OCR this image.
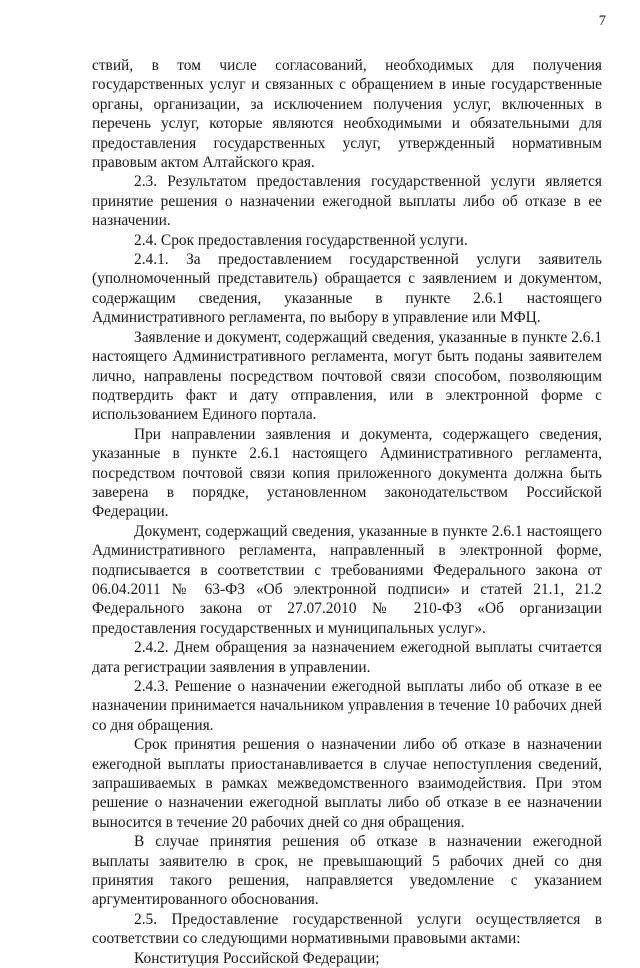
7

ствий, в том числе согласований, необходимых для получения государственных услуг и связанных с обращением в иные государственные органы, организации, за исключением получения услуг, включенных в перечень услуг, которые являются необходимыми и обязательными для предоставления государственных услуг, утвержденный нормативным правовым актом Алтайского края.

2.3. Результатом предоставления государственной услуги является принятие решения о назначении ежегодной выплаты либо об отказе в ее назначении.

2.4. Срок предоставления государственной услуги.

2.4.1. За предоставлением государственной услуги заявитель (уполномоченный представитель) обращается с заявлением и документом, содержащим сведения, указанные в пункте 2.6.1 настоящего Административного регламента, по выбору в управление или МФЦ.

Заявление и документ, содержащий сведения, указанные в пункте 2.6.1 настоящего Административного регламента, могут быть поданы заявителем лично, направлены посредством почтовой связи способом, позволяющим подтвердить факт и дату отправления, или в электронной форме с использованием Единого портала.

При направлении заявления и документа, содержащего сведения, указанные в пункте 2.6.1 настоящего Административного регламента, посредством почтовой связи копия приложенного документа должна быть заверена в порядке, установленном законодательством Российской Федерации.

Документ, содержащий сведения, указанные в пункте 2.6.1 настоящего Административного регламента, направленный в электронной форме, подписывается в соответствии с требованиями Федерального закона от 06.04.2011 № 63-ФЗ «Об электронной подписи» и статей 21.1, 21.2 Федерального закона от 27.07.2010 № 210-ФЗ «Об организации предоставления государственных и муниципальных услуг».

2.4.2. Днем обращения за назначением ежегодной выплаты считается дата регистрации заявления в управлении.

2.4.3. Решение о назначении ежегодной выплаты либо об отказе в ее назначении принимается начальником управления в течение 10 рабочих дней со дня обращения.

Срок принятия решения о назначении либо об отказе в назначении ежегодной выплаты приостанавливается в случае непоступления сведений, запрашиваемых в рамках межведомственного взаимодействия. При этом решение о назначении ежегодной выплаты либо об отказе в ее назначении выносится в течение 20 рабочих дней со дня обращения.

В случае принятия решения об отказе в назначении ежегодной выплаты заявителю в срок, не превышающий 5 рабочих дней со дня принятия такого решения, направляется уведомление с указанием аргументированного обоснования.

2.5. Предоставление государственной услуги осуществляется в соответствии со следующими нормативными правовыми актами:

Конституция Российской Федерации;
